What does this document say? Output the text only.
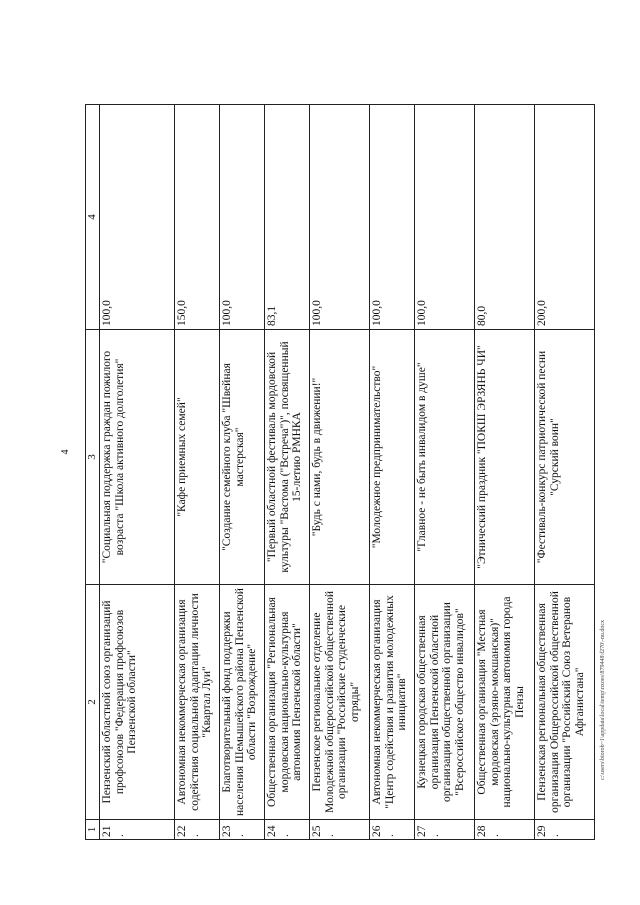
4
1	2	3	4
21.	Пензенский областной союз организаций профсоюзов "Федерация профсоюзов Пензенской области"	"Социальная поддержка граждан пожилого возраста "Школа активного долголетия"	100,0
22.	Автономная некоммерческая организация содействия социальной адаптации личности "Квартал Луи"	"Кафе приемных семей"	150,0
23.	Благотворительный фонд поддержки населения Шемышейского района Пензенской области "Возрождение"	"Создание семейного клуба "Швейная мастерская"	100,0
24.	Общественная организация "Региональная мордовская национально-культурная автономия Пензенской области"	"Первый областной фестиваль мордовской культуры "Вастома ("Встреча")", посвященный 15-летию РМНКА	83,1
25.	Пензенское региональное отделение Молодежной общероссийской общественной организации "Российские студенческие отряды"	"Будь с нами, будь в движении!"	100,0
26.	Автономная некоммерческая организация "Центр содействия и развития молодежных инициатив"	"Молодежное предпринимательство"	100,0
27.	Кузнецкая городская общественная организация Пензенской областной организации общественной организации "Всероссийское общество инвалидов"	"Главное - не быть инвалидом в душе"	100,0
28.	Общественная организация "Местная мордовская (эрзяно-мокшанская)" национально-культурная автономия города Пензы	"Этнический праздник "ПОКШ ЭРЗЯНЬ ЧИ"	80,0
29.	Пензенская региональная общественная организация Общероссийской общественной организации "Российский Союз Ветеранов Афганистана"	"Фестиваль-конкурс патриотической песни "Сурский воин"	200,0
c:\users\biorob~1\appdata\local\temp\nxoes\879448\f270\-nu.docx
